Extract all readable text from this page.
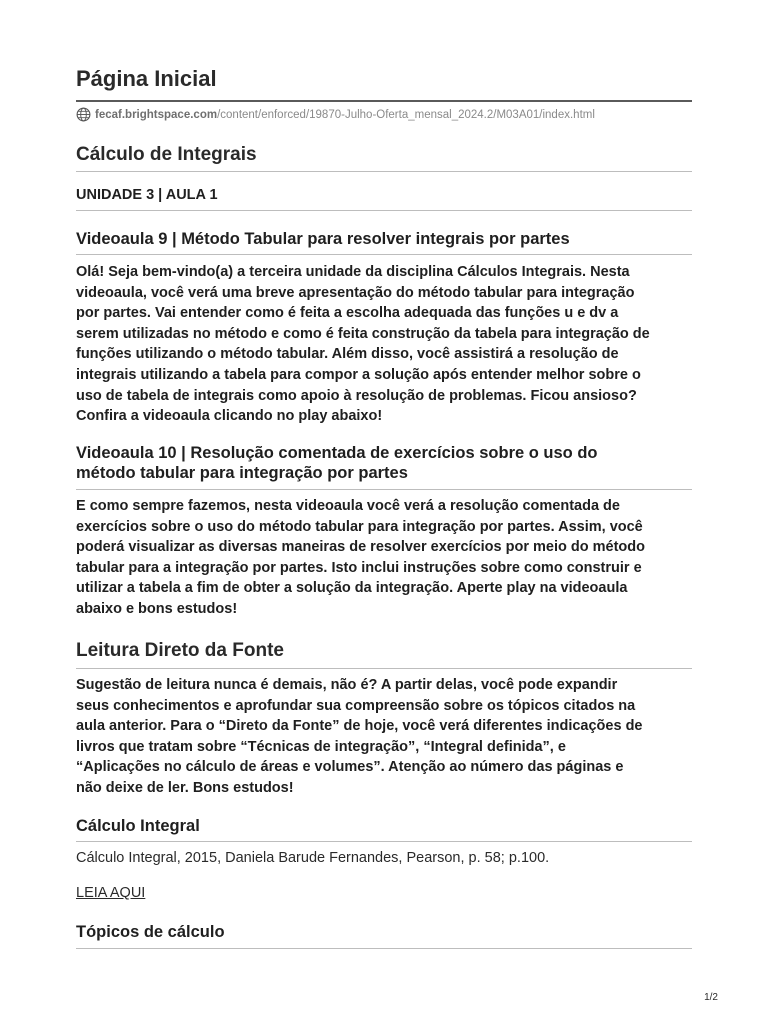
Página Inicial
fecaf.brightspace.com /content/enforced/19870-Julho-Oferta_mensal_2024.2/M03A01/index.html
Cálculo de Integrais
UNIDADE 3 | AULA 1
Videoaula 9 | Método Tabular para resolver integrais por partes

Olá! Seja bem-vindo(a) a terceira unidade da disciplina Cálculos Integrais. Nesta
videoaula, você verá uma breve apresentação do método tabular para integração
por partes. Vai entender como é feita a escolha adequada das funções u e dv a
serem utilizadas no método e como é feita construção da tabela para integração de
funções utilizando o método tabular. Além disso, você assistirá a resolução de
integrais utilizando a tabela para compor a solução após entender melhor sobre o
uso de tabela de integrais como apoio à resolução de problemas. Ficou ansioso?
Confira a videoaula clicando no play abaixo!

Videoaula 10 | Resolução comentada de exercícios sobre o uso do
método tabular para integração por partes

E como sempre fazemos, nesta videoaula você verá a resolução comentada de
exercícios sobre o uso do método tabular para integração por partes. Assim, você
poderá visualizar as diversas maneiras de resolver exercícios por meio do método
tabular para a integração por partes. Isto inclui instruções sobre como construir e
utilizar a tabela a fim de obter a solução da integração. Aperte play na videoaula
abaixo e bons estudos!

Leitura Direto da Fonte

Sugestão de leitura nunca é demais, não é? A partir delas, você pode expandir
seus conhecimentos e aprofundar sua compreensão sobre os tópicos citados na
aula anterior. Para o “Direto da Fonte” de hoje, você verá diferentes indicações de
livros que tratam sobre “Técnicas de integração”, “Integral definida”, e
“Aplicações no cálculo de áreas e volumes”. Atenção ao número das páginas e
não deixe de ler. Bons estudos!

Cálculo Integral

Cálculo Integral, 2015, Daniela Barude Fernandes, Pearson, p. 58; p.100.

LEIA AQUI
Tópicos de cálculo
1/2
